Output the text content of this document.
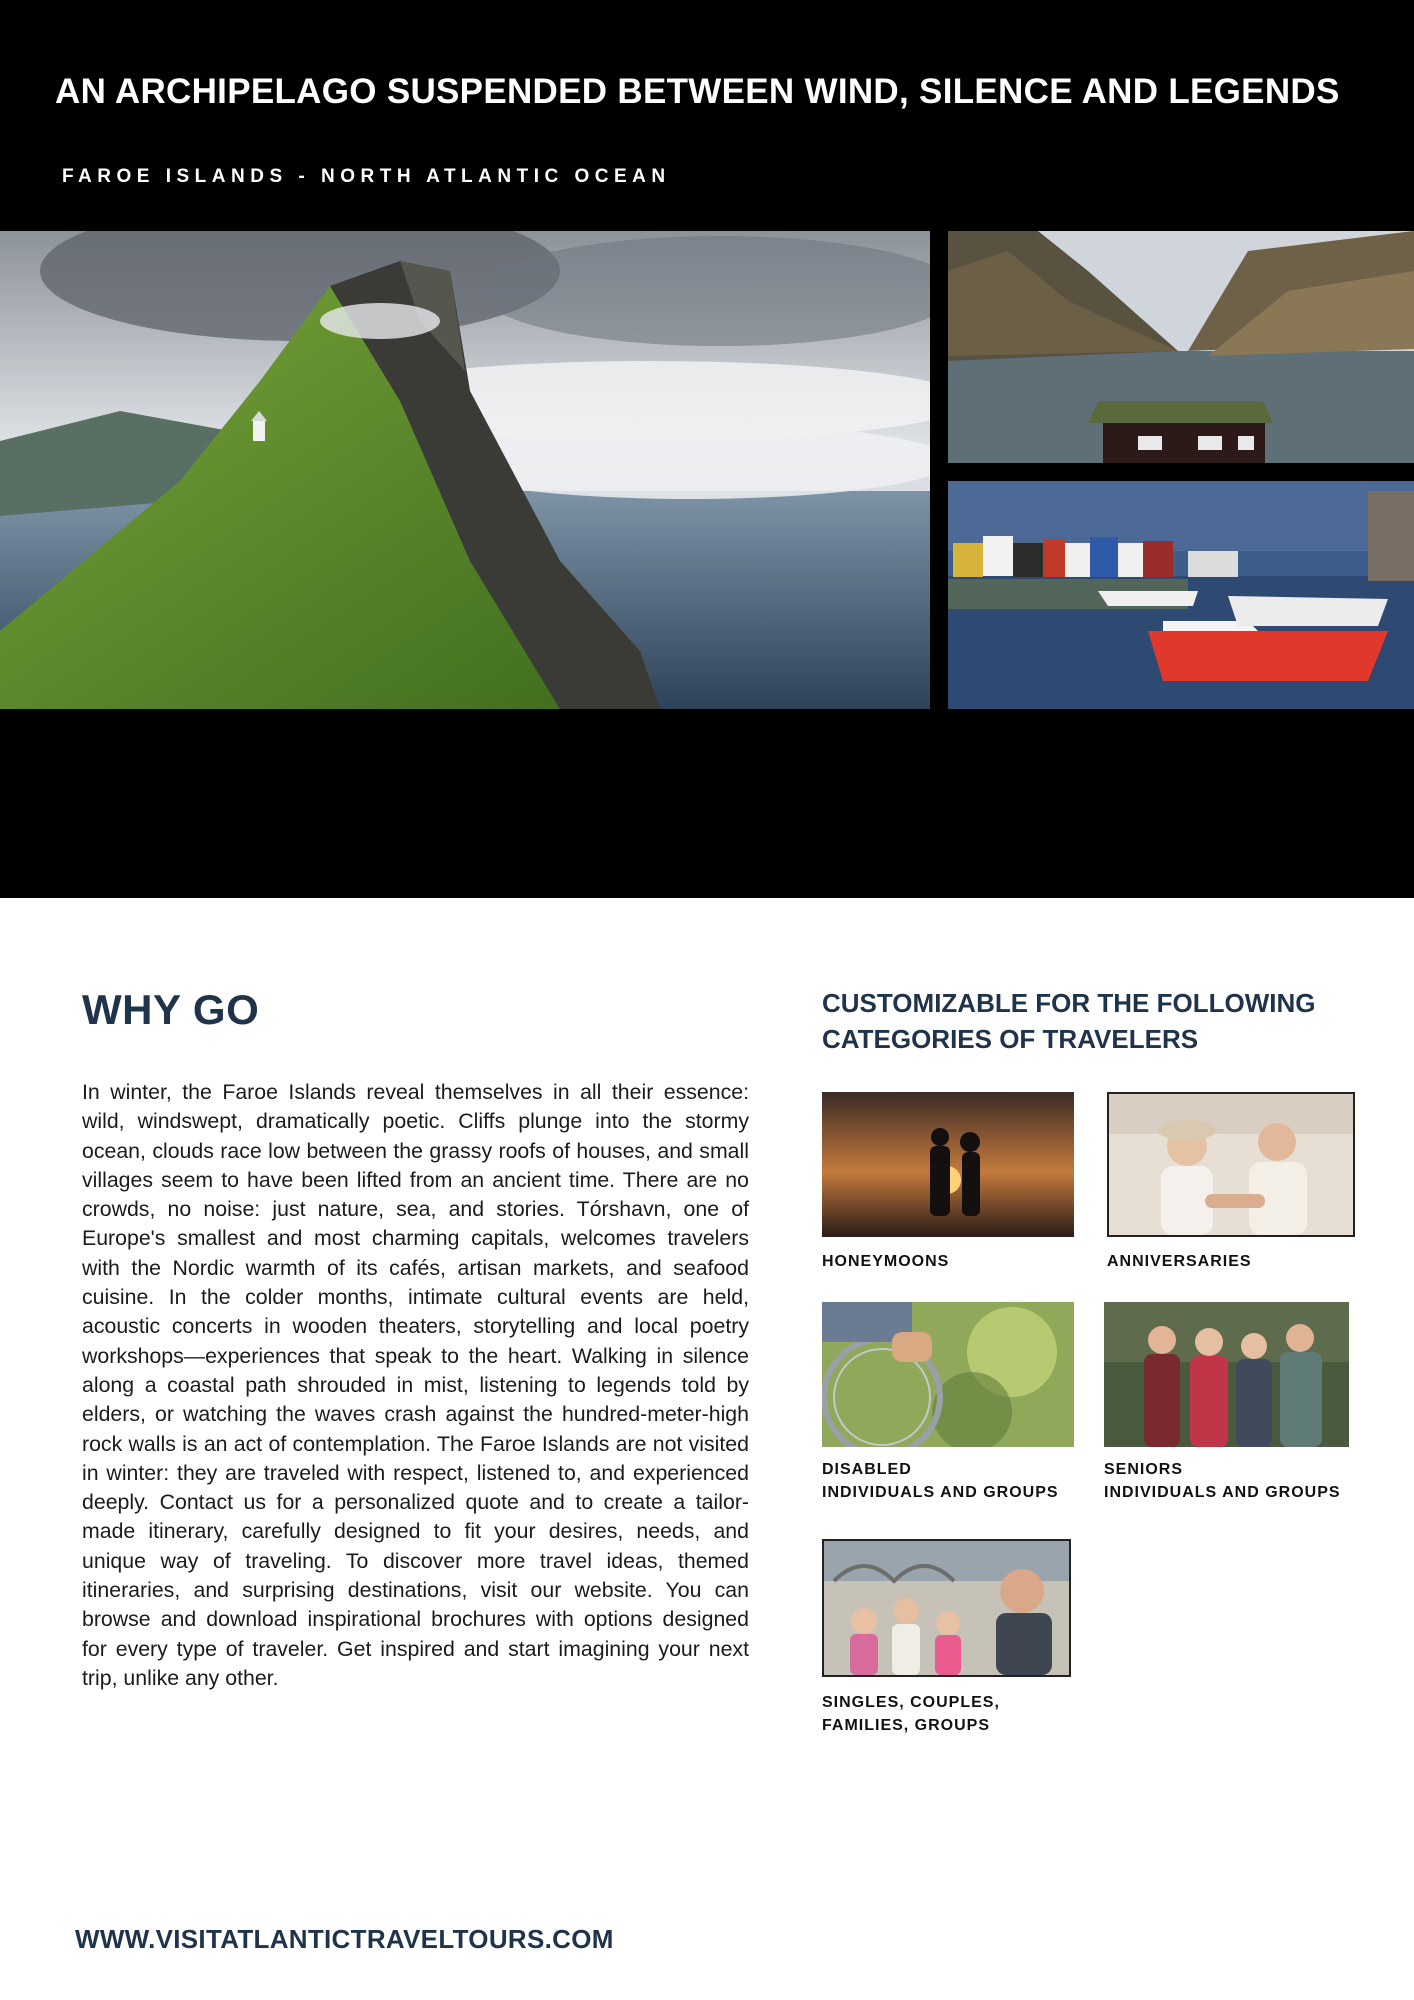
AN ARCHIPELAGO SUSPENDED BETWEEN WIND, SILENCE AND LEGENDS
FAROE ISLANDS - NORTH ATLANTIC OCEAN
WHY GO

In winter, the Faroe Islands reveal themselves in all their essence: wild, windswept, dramatically poetic. Cliffs plunge into the stormy ocean, clouds race low between the grassy roofs of houses, and small villages seem to have been lifted from an ancient time. There are no crowds, no noise: just nature, sea, and stories. Tórshavn, one of Europe's smallest and most charming capitals, welcomes travelers with the Nordic warmth of its cafés, artisan markets, and seafood cuisine. In the colder months, intimate cultural events are held, acoustic concerts in wooden theaters, storytelling and local poetry workshops—experiences that speak to the heart. Walking in silence along a coastal path shrouded in mist, listening to legends told by elders, or watching the waves crash against the hundred-meter-high rock walls is an act of contemplation. The Faroe Islands are not visited in winter: they are traveled with respect, listened to, and experienced deeply. Contact us for a personalized quote and to create a tailor-made itinerary, carefully designed to fit your desires, needs, and unique way of traveling. To discover more travel ideas, themed itineraries, and surprising destinations, visit our website. You can browse and download inspirational brochures with options designed for every type of traveler. Get inspired and start imagining your next trip, unlike any other.

CUSTOMIZABLE FOR THE FOLLOWING CATEGORIES OF TRAVELERS
HONEYMOONS	ANNIVERSARIES
DISABLED
INDIVIDUALS AND GROUPS
SENIORS
INDIVIDUALS AND GROUPS
SINGLES, COUPLES,
FAMILIES, GROUPS
WWW.VISITATLANTICTRAVELTOURS.COM
